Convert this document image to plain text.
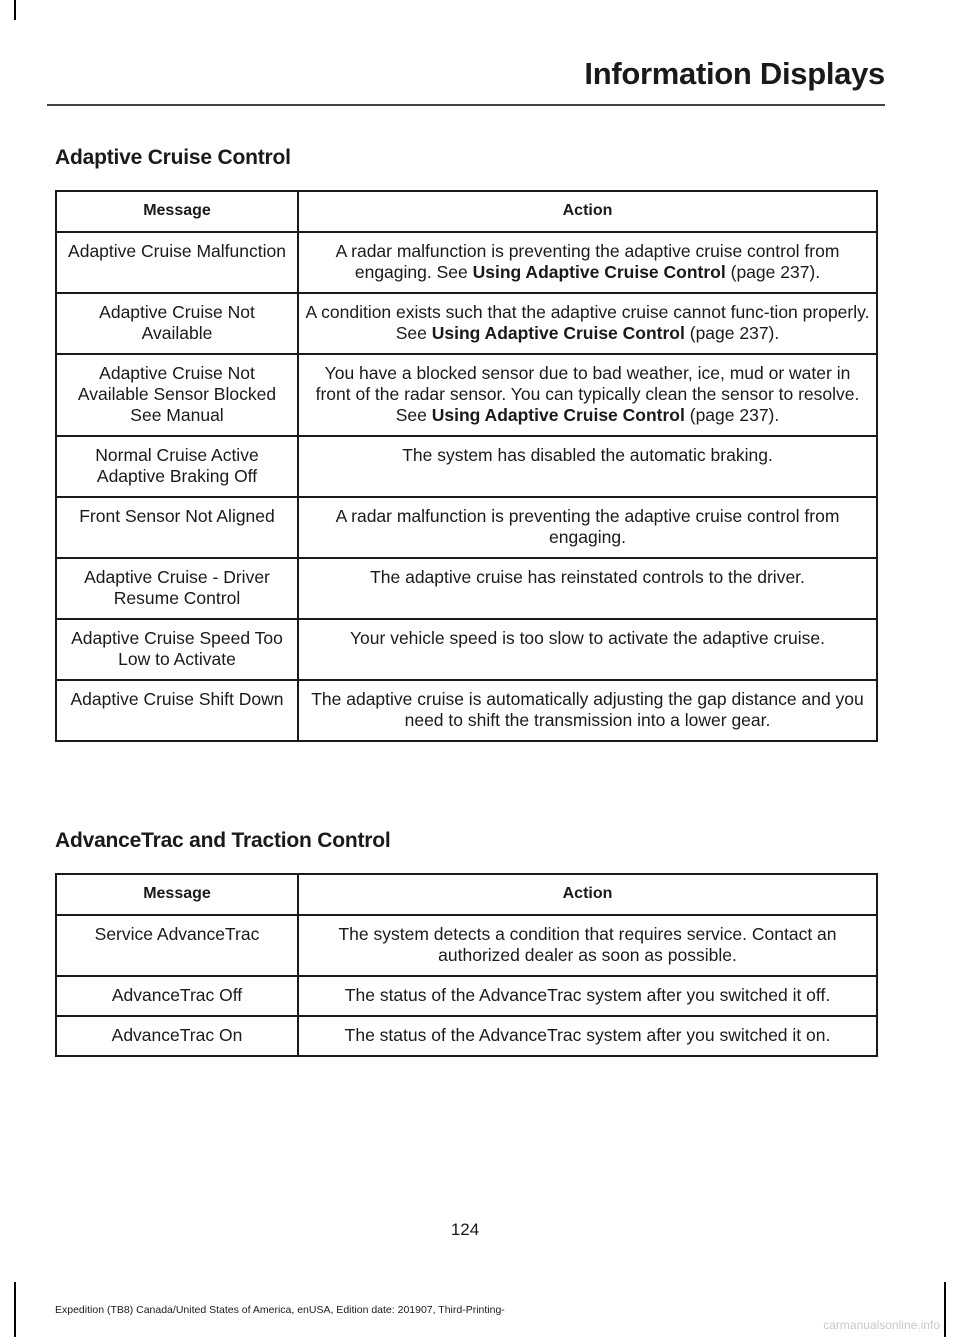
Information Displays
Adaptive Cruise Control
Message	Action
Adaptive Cruise Malfunction	A radar malfunction is preventing the adaptive cruise control from engaging. See Using Adaptive Cruise Control (page 237).
Adaptive Cruise Not Available	A condition exists such that the adaptive cruise cannot func-tion properly. See Using Adaptive Cruise Control (page 237).
Adaptive Cruise Not Available Sensor Blocked See Manual	You have a blocked sensor due to bad weather, ice, mud or water in front of the radar sensor. You can typically clean the sensor to resolve. See Using Adaptive Cruise Control (page 237).
Normal Cruise Active Adaptive Braking Off	The system has disabled the automatic braking.
Front Sensor Not Aligned	A radar malfunction is preventing the adaptive cruise control from engaging.
Adaptive Cruise - Driver Resume Control	The adaptive cruise has reinstated controls to the driver.
Adaptive Cruise Speed Too Low to Activate	Your vehicle speed is too slow to activate the adaptive cruise.
Adaptive Cruise Shift Down	The adaptive cruise is automatically adjusting the gap distance and you need to shift the transmission into a lower gear.
AdvanceTrac and Traction Control
Message	Action
Service AdvanceTrac	The system detects a condition that requires service. Contact an authorized dealer as soon as possible.
AdvanceTrac Off	The status of the AdvanceTrac system after you switched it off.
AdvanceTrac On	The status of the AdvanceTrac system after you switched it on.
124
Expedition (TB8) Canada/United States of America, enUSA, Edition date: 201907, Third-Printing-
carmanualsonline.info
